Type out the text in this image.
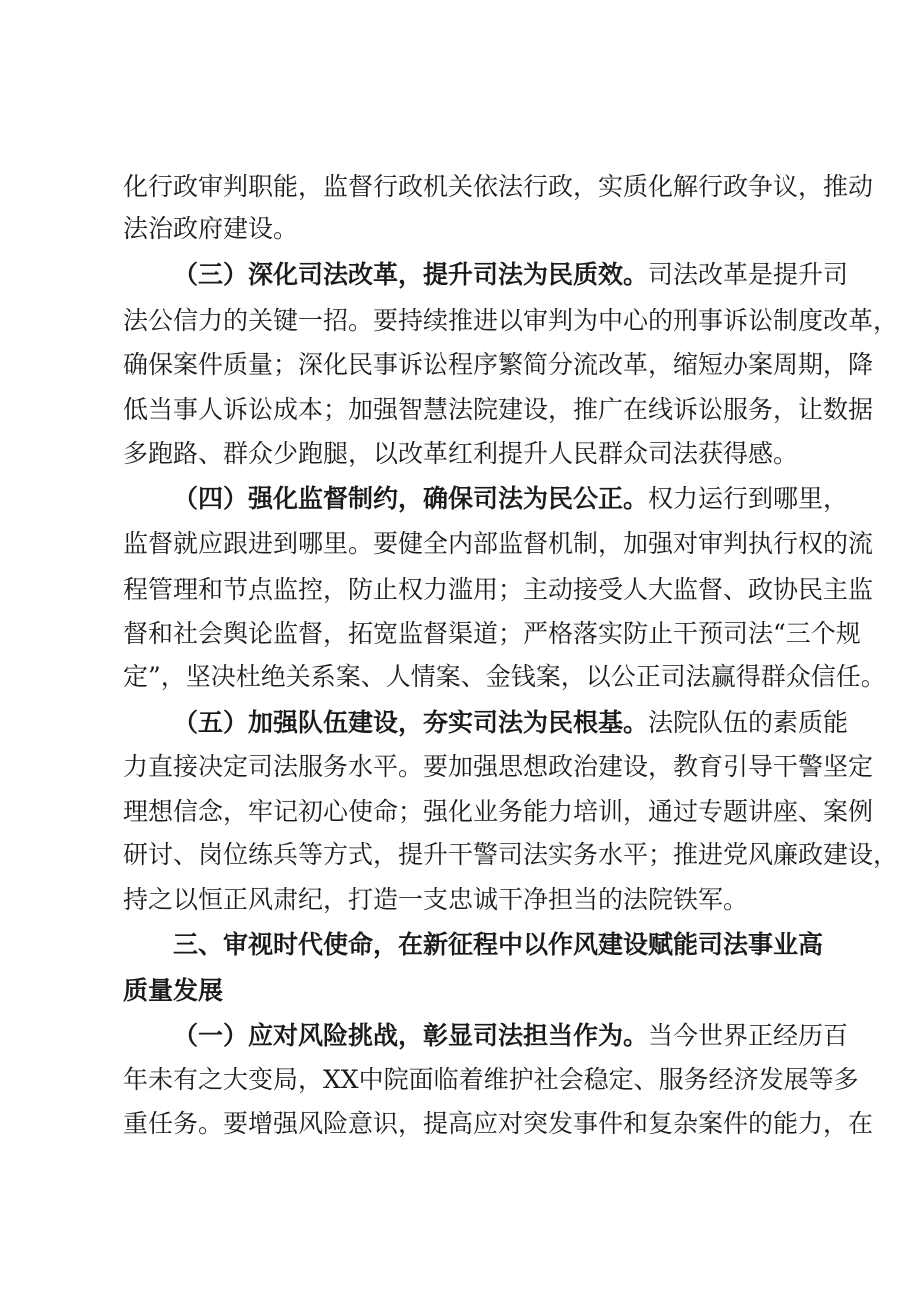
化行政审判职能，监督行政机关依法行政，实质化解行政争议，推动
法治政府建设。
（三）深化司法改革，提升司法为民质效。司法改革是提升司
法公信力的关键一招。要持续推进以审判为中心的刑事诉讼制度改革，
确保案件质量；深化民事诉讼程序繁简分流改革，缩短办案周期，降
低当事人诉讼成本；加强智慧法院建设，推广在线诉讼服务，让数据
多跑路、群众少跑腿，以改革红利提升人民群众司法获得感。
（四）强化监督制约，确保司法为民公正。权力运行到哪里，
监督就应跟进到哪里。要健全内部监督机制，加强对审判执行权的流
程管理和节点监控，防止权力滥用；主动接受人大监督、政协民主监
督和社会舆论监督，拓宽监督渠道；严格落实防止干预司法“三个规
定”，坚决杜绝关系案、人情案、金钱案，以公正司法赢得群众信任。
（五）加强队伍建设，夯实司法为民根基。法院队伍的素质能
力直接决定司法服务水平。要加强思想政治建设，教育引导干警坚定
理想信念，牢记初心使命；强化业务能力培训，通过专题讲座、案例
研讨、岗位练兵等方式，提升干警司法实务水平；推进党风廉政建设，
持之以恒正风肃纪，打造一支忠诚干净担当的法院铁军。
三、审视时代使命，在新征程中以作风建设赋能司法事业高
质量发展
（一）应对风险挑战，彰显司法担当作为。当今世界正经历百
年未有之大变局，XX中院面临着维护社会稳定、服务经济发展等多
重任务。要增强风险意识，提高应对突发事件和复杂案件的能力，在
